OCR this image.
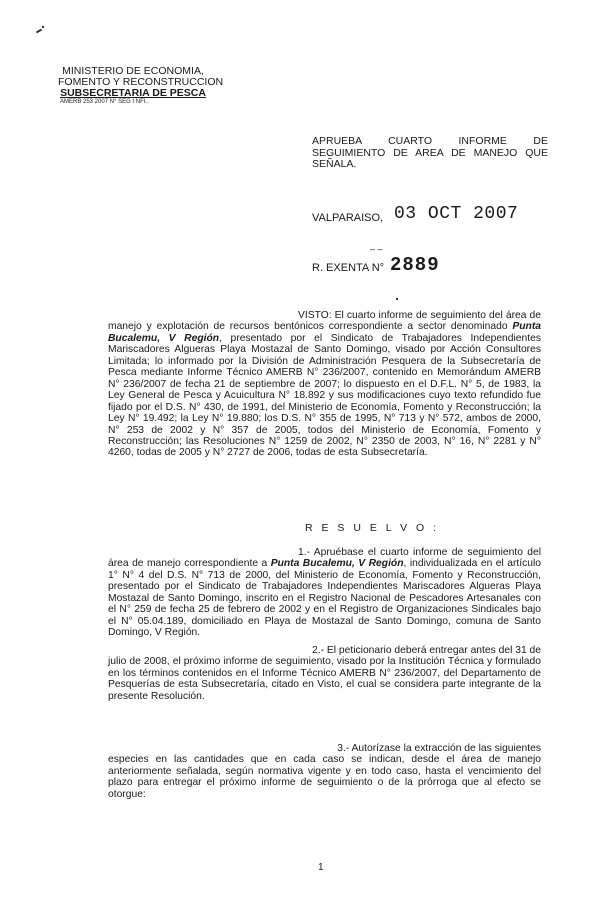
MINISTERIO DE ECONOMIA,
FOMENTO Y RECONSTRUCCION
SUBSECRETARIA DE PESCA
AMERB 253 2007 N° SEG I NFI..
APRUEBA CUARTO INFORME DE SEGUIMIENTO DE AREA DE MANEJO QUE SEÑALA.
VALPARAISO, 03 OCT 2007
– –
R. EXENTA N° 2889
VISTO: El cuarto informe de seguimiento del área de manejo y explotación de recursos bentónicos correspondiente a sector denominado Punta Bucalemu, V Región, presentado por el Sindicato de Trabajadores Independientes Mariscadores Algueras Playa Mostazal de Santo Domingo, visado por Acción Consultores Limitada; lo informado por la División de Administración Pesquera de la Subsecretaría de Pesca mediante Informe Técnico AMERB N° 236/2007, contenido en Memorándum AMERB N° 236/2007 de fecha 21 de septiembre de 2007; lo dispuesto en el D.F.L. N° 5, de 1983, la Ley General de Pesca y Acuicultura N° 18.892 y sus modificaciones cuyo texto refundido fue fijado por el D.S. N° 430, de 1991, del Ministerio de Economía, Fomento y Reconstrucción; la Ley N° 19.492; la Ley N° 19.880; los D.S. N° 355 de 1995, N° 713 y N° 572, ambos de 2000, N° 253 de 2002 y N° 357 de 2005, todos del Ministerio de Economía, Fomento y Reconstrucción; las Resoluciones N° 1259 de 2002, N° 2350 de 2003, N° 16, N° 2281 y N° 4260, todas de 2005 y N° 2727 de 2006, todas de esta Subsecretaría.
R E S U E L V O :
1.- Apruébase el cuarto informe de seguimiento del área de manejo correspondiente a Punta Bucalemu, V Región, individualizada en el artículo 1° N° 4 del D.S. N° 713 de 2000, del Ministerio de Economía, Fomento y Reconstrucción, presentado por el Sindicato de Trabajadores Independientes Mariscadores Algueras Playa Mostazal de Santo Domingo, inscrito en el Registro Nacional de Pescadores Artesanales con el N° 259 de fecha 25 de febrero de 2002 y en el Registro de Organizaciones Sindicales bajo el N° 05.04.189, domiciliado en Playa de Mostazal de Santo Domingo, comuna de Santo Domingo, V Región.
2.- El peticionario deberá entregar antes del 31 de
julio de 2008, el próximo informe de seguimiento, visado por la Institución Técnica y formulado en los términos contenidos en el Informe Técnico AMERB N° 236/2007, del Departamento de Pesquerías de esta Subsecretaría, citado en Visto, el cual se considera parte integrante de la presente Resolución.
3.- Autorízase la extracción de las siguientes
especies en las cantidades que en cada caso se indican, desde el área de manejo anteriormente señalada, según normativa vigente y en todo caso, hasta el vencimiento del plazo para entregar el próximo informe de seguimiento o de la prórroga que al efecto se otorgue:
1
